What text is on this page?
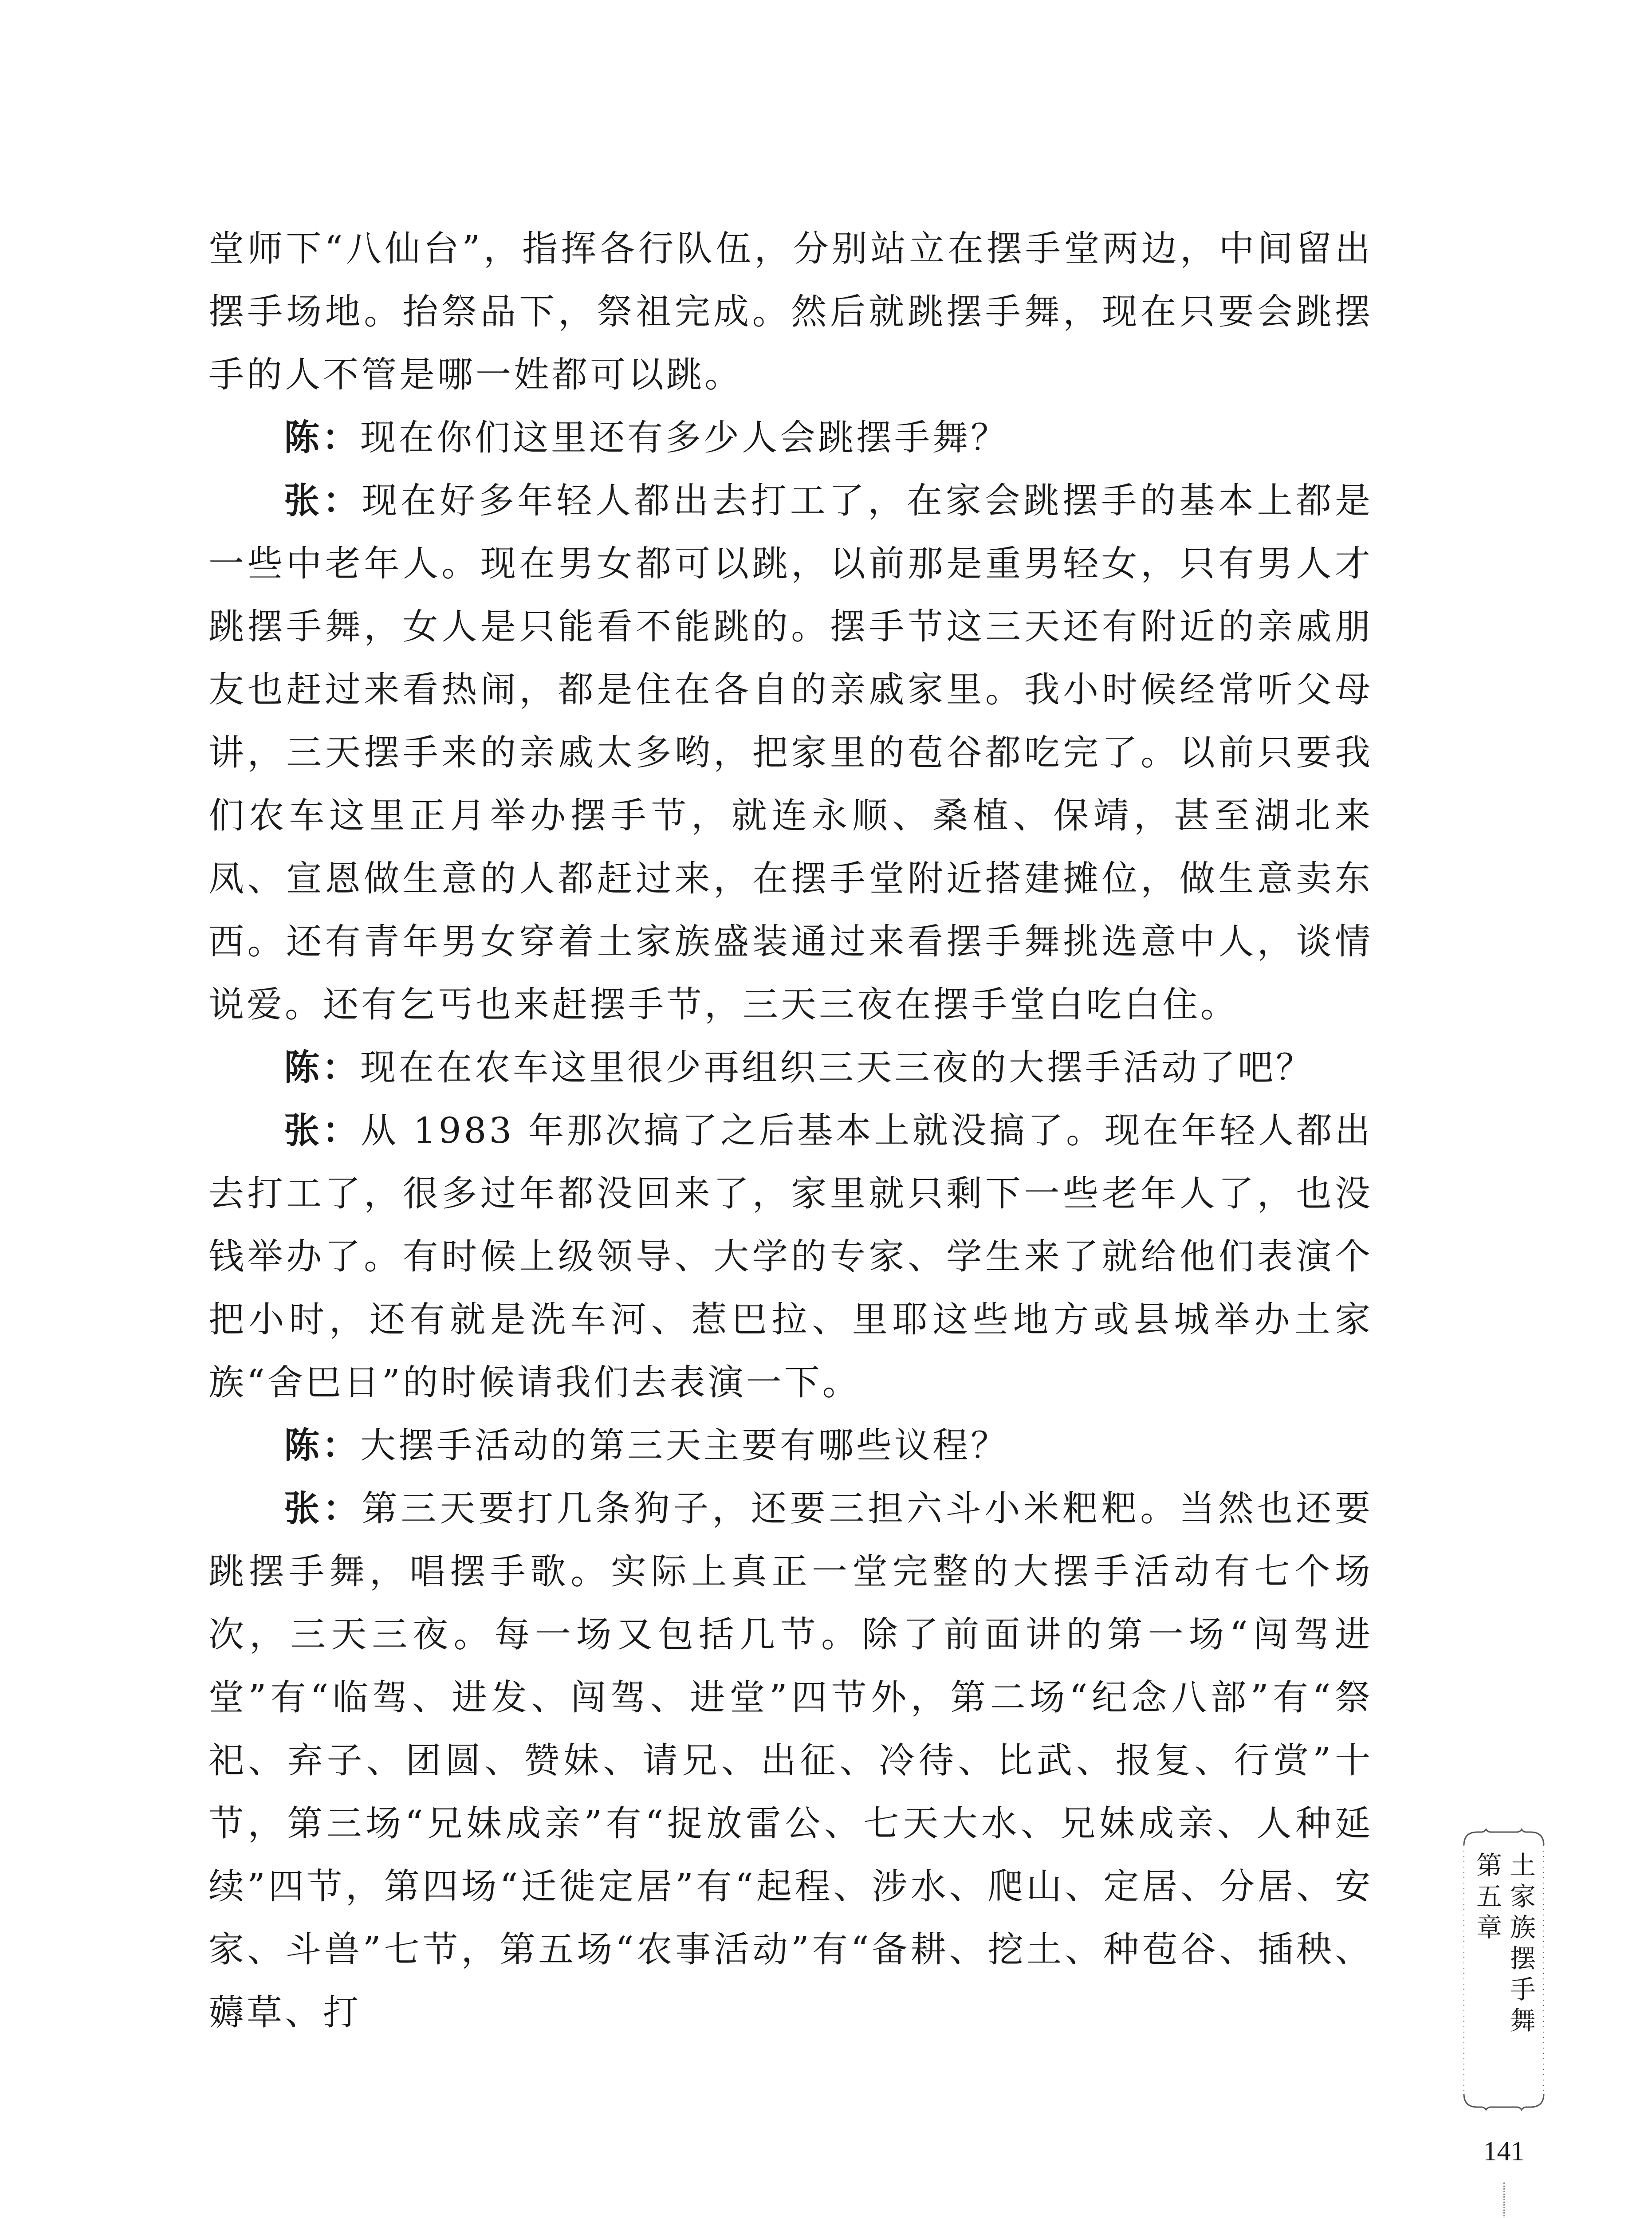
堂师下“八仙台”，指挥各行队伍，分别站立在摆手堂两边，中间留出摆手场地。抬祭品下，祭祖完成。然后就跳摆手舞，现在只要会跳摆手的人不管是哪一姓都可以跳。

陈：现在你们这里还有多少人会跳摆手舞？

张：现在好多年轻人都出去打工了，在家会跳摆手的基本上都是一些中老年人。现在男女都可以跳，以前那是重男轻女，只有男人才跳摆手舞，女人是只能看不能跳的。摆手节这三天还有附近的亲戚朋友也赶过来看热闹，都是住在各自的亲戚家里。我小时候经常听父母讲，三天摆手来的亲戚太多哟，把家里的苞谷都吃完了。以前只要我们农车这里正月举办摆手节，就连永顺、桑植、保靖，甚至湖北来凤、宣恩做生意的人都赶过来，在摆手堂附近搭建摊位，做生意卖东西。还有青年男女穿着土家族盛装通过来看摆手舞挑选意中人，谈情说爱。还有乞丐也来赶摆手节，三天三夜在摆手堂白吃白住。

陈：现在在农车这里很少再组织三天三夜的大摆手活动了吧？

张：从 1983 年那次搞了之后基本上就没搞了。现在年轻人都出去打工了，很多过年都没回来了，家里就只剩下一些老年人了，也没钱举办了。有时候上级领导、大学的专家、学生来了就给他们表演个把小时，还有就是洗车河、惹巴拉、里耶这些地方或县城举办土家族“舍巴日”的时候请我们去表演一下。

陈：大摆手活动的第三天主要有哪些议程？

张：第三天要打几条狗子，还要三担六斗小米粑粑。当然也还要跳摆手舞，唱摆手歌。实际上真正一堂完整的大摆手活动有七个场次，三天三夜。每一场又包括几节。除了前面讲的第一场“闯驾进堂”有“临驾、进发、闯驾、进堂”四节外，第二场“纪念八部”有“祭祀、弃子、团圆、赞妹、请兄、出征、冷待、比武、报复、行赏”十节，第三场“兄妹成亲”有“捉放雷公、七天大水、兄妹成亲、人种延续”四节，第四场“迁徙定居”有“起程、涉水、爬山、定居、分居、安家、斗兽”七节，第五场“农事活动”有“备耕、挖土、种苞谷、插秧、薅草、打

第五章
土家族摆手舞
141
